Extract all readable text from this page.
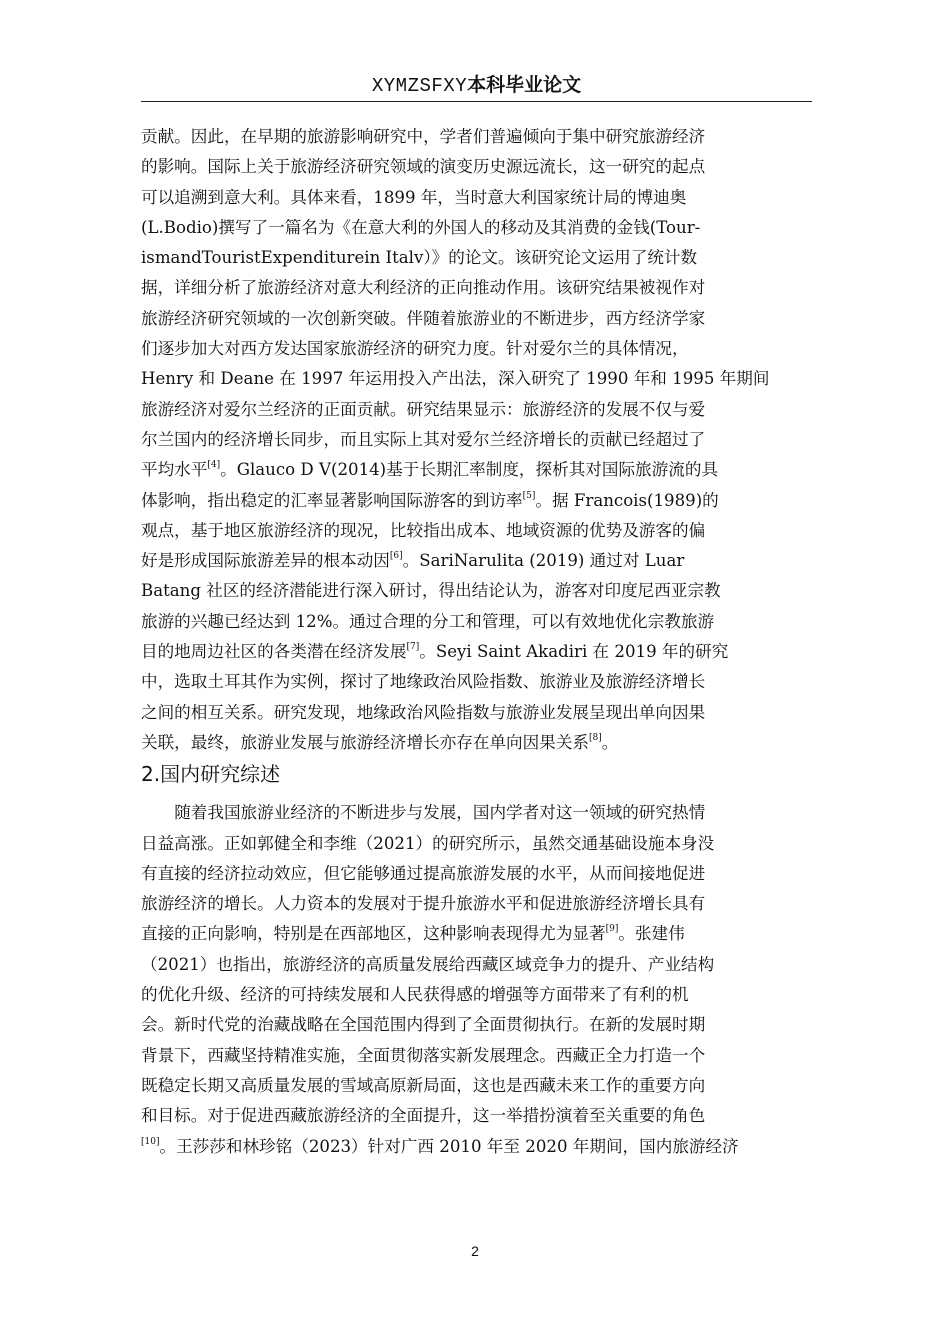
XYMZSFXY本科毕业论文
贡献。因此，在早期的旅游影响研究中，学者们普遍倾向于集中研究旅游经济
的影响。国际上关于旅游经济研究领域的演变历史源远流长，这一研究的起点
可以追溯到意大利。具体来看，1899 年，当时意大利国家统计局的博迪奥
(L.Bodio)撰写了一篇名为《在意大利的外国人的移动及其消费的金钱(Tour-
ismandTouristExpenditurein Italv）》的论文。该研究论文运用了统计数
据，详细分析了旅游经济对意大利经济的正向推动作用。该研究结果被视作对
旅游经济研究领域的一次创新突破。伴随着旅游业的不断进步，西方经济学家
们逐步加大对西方发达国家旅游经济的研究力度。针对爱尔兰的具体情况，
Henry 和 Deane 在 1997 年运用投入产出法，深入研究了 1990 年和 1995 年期间
旅游经济对爱尔兰经济的正面贡献。研究结果显示：旅游经济的发展不仅与爱
尔兰国内的经济增长同步，而且实际上其对爱尔兰经济增长的贡献已经超过了
平均水平[4]。Glauco D V(2014)基于长期汇率制度，探析其对国际旅游流的具
体影响，指出稳定的汇率显著影响国际游客的到访率[5]。据 Francois(1989)的
观点，基于地区旅游经济的现况，比较指出成本、地域资源的优势及游客的偏
好是形成国际旅游差异的根本动因[6]。SariNarulita (2019) 通过对 Luar
Batang 社区的经济潜能进行深入研讨，得出结论认为，游客对印度尼西亚宗教
旅游的兴趣已经达到 12%。通过合理的分工和管理，可以有效地优化宗教旅游
目的地周边社区的各类潜在经济发展[7]。Seyi Saint Akadiri 在 2019 年的研究
中，选取土耳其作为实例，探讨了地缘政治风险指数、旅游业及旅游经济增长
之间的相互关系。研究发现，地缘政治风险指数与旅游业发展呈现出单向因果
关联，最终，旅游业发展与旅游经济增长亦存在单向因果关系[8]。
2.国内研究综述
随着我国旅游业经济的不断进步与发展，国内学者对这一领域的研究热情
日益高涨。正如郭健全和李维（2021）的研究所示，虽然交通基础设施本身没
有直接的经济拉动效应，但它能够通过提高旅游发展的水平，从而间接地促进
旅游经济的增长。人力资本的发展对于提升旅游水平和促进旅游经济增长具有
直接的正向影响，特别是在西部地区，这种影响表现得尤为显著[9]。张建伟
（2021）也指出，旅游经济的高质量发展给西藏区域竞争力的提升、产业结构
的优化升级、经济的可持续发展和人民获得感的增强等方面带来了有利的机
会。新时代党的治藏战略在全国范围内得到了全面贯彻执行。在新的发展时期
背景下，西藏坚持精准实施，全面贯彻落实新发展理念。西藏正全力打造一个
既稳定长期又高质量发展的雪域高原新局面，这也是西藏未来工作的重要方向
和目标。对于促进西藏旅游经济的全面提升，这一举措扮演着至关重要的角色
[10]。王莎莎和林珍铭（2023）针对广西 2010 年至 2020 年期间，国内旅游经济
2
